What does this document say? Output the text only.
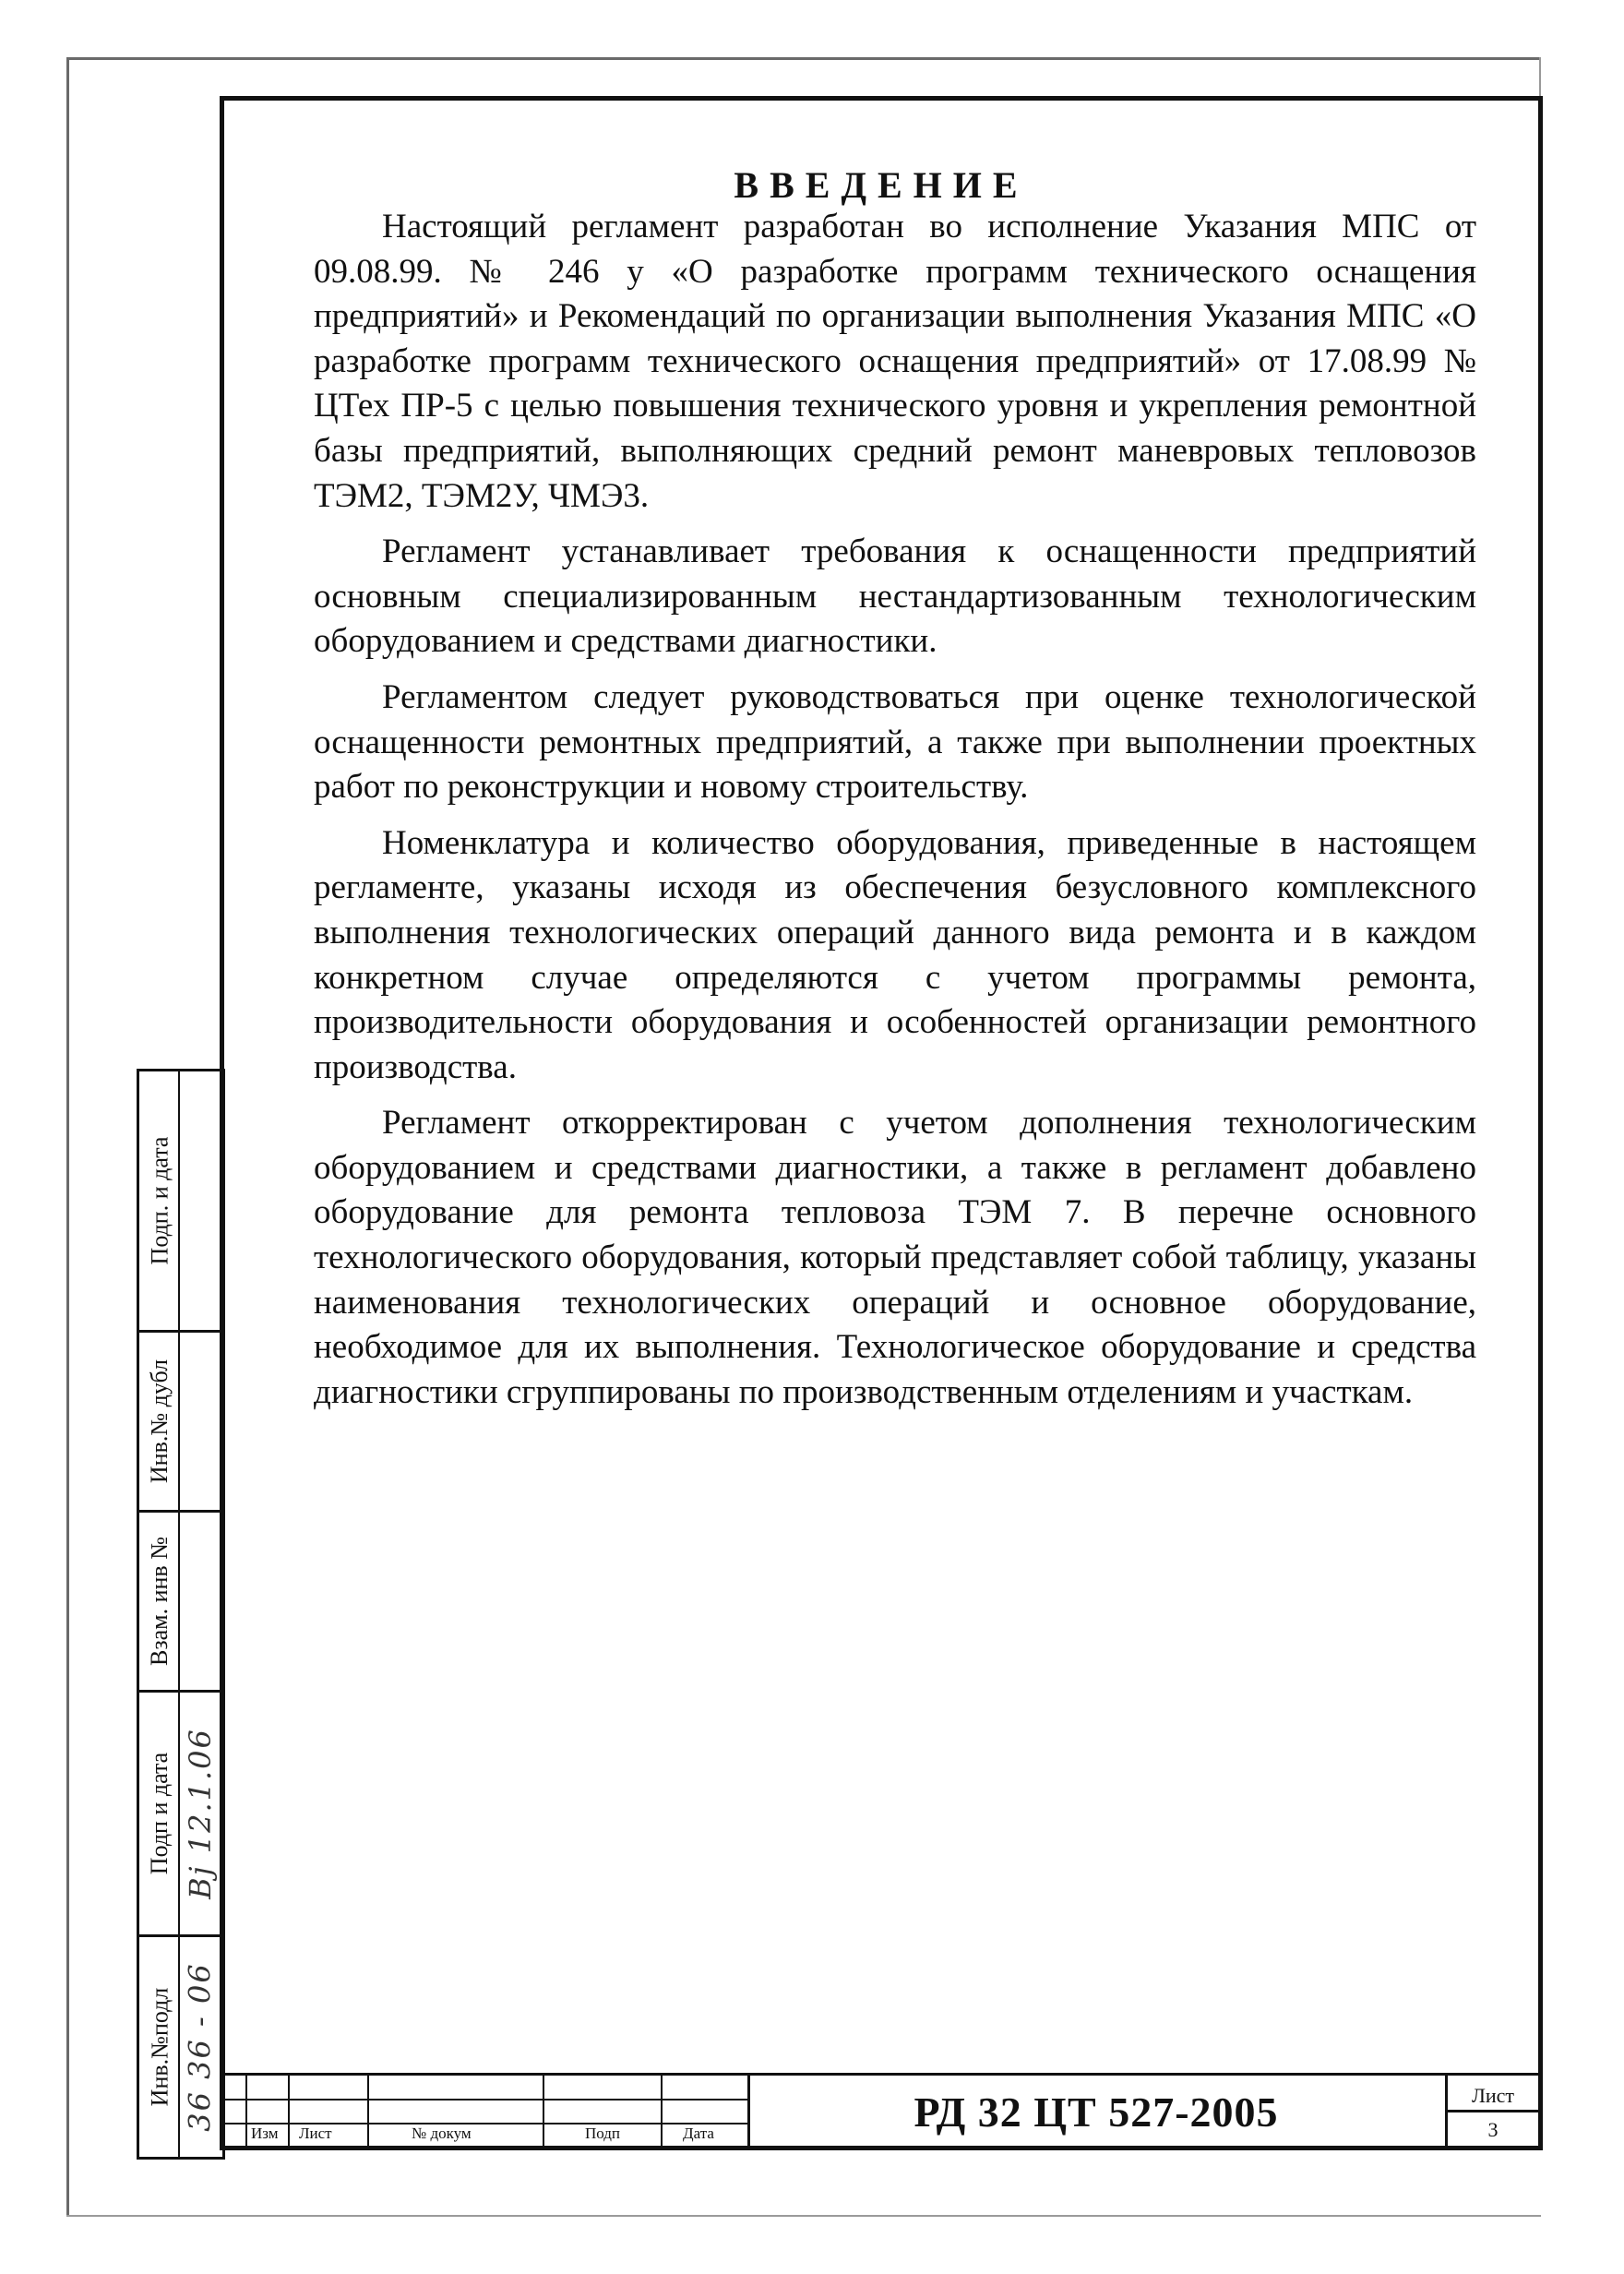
ВВЕДЕНИЕ

Настоящий регламент разработан во исполнение Указания МПС от 09.08.99. № 246 у «О разработке программ технического оснащения предприятий» и Рекомендаций по организации выполнения Указания МПС «О разработке программ технического оснащения предприятий» от 17.08.99 № ЦТех ПР-5 с целью повышения технического уровня и укрепления ремонтной базы предприятий, выполняющих средний ремонт маневровых тепловозов ТЭМ2, ТЭМ2У, ЧМЭ3.

Регламент устанавливает требования к оснащенности предприятий основным специализированным нестандартизованным технологическим оборудованием и средствами диагностики.

Регламентом следует руководствоваться при оценке технологической оснащенности ремонтных предприятий, а также при выполнении проектных работ по реконструкции и новому строительству.

Номенклатура и количество оборудования, приведенные в настоящем регламенте, указаны исходя из обеспечения безусловного комплексного выполнения технологических операций данного вида ремонта и в каждом конкретном случае определяются с учетом программы ремонта, производительности оборудования и особенностей организации ремонтного производства.

Регламент откорректирован с учетом дополнения технологическим оборудованием и средствами диагностики, а также в регламент добавлено оборудование для ремонта тепловоза ТЭМ 7. В перечне основного технологического оборудования, который представляет собой таблицу, указаны наименования технологических операций и основное оборудование, необходимое для их выполнения. Технологическое оборудование и средства диагностики сгруппированы по производственным отделениям и участкам.

Подп. и дата
Инв.№ дубл
Взам. инв №
Подп и дата Bj 12.1.06
Инв.№подл 36 36 - 06
Изм Лист	№ докум	Подп	Дата	РД 32 ЦТ 527-2005	Лист
3
